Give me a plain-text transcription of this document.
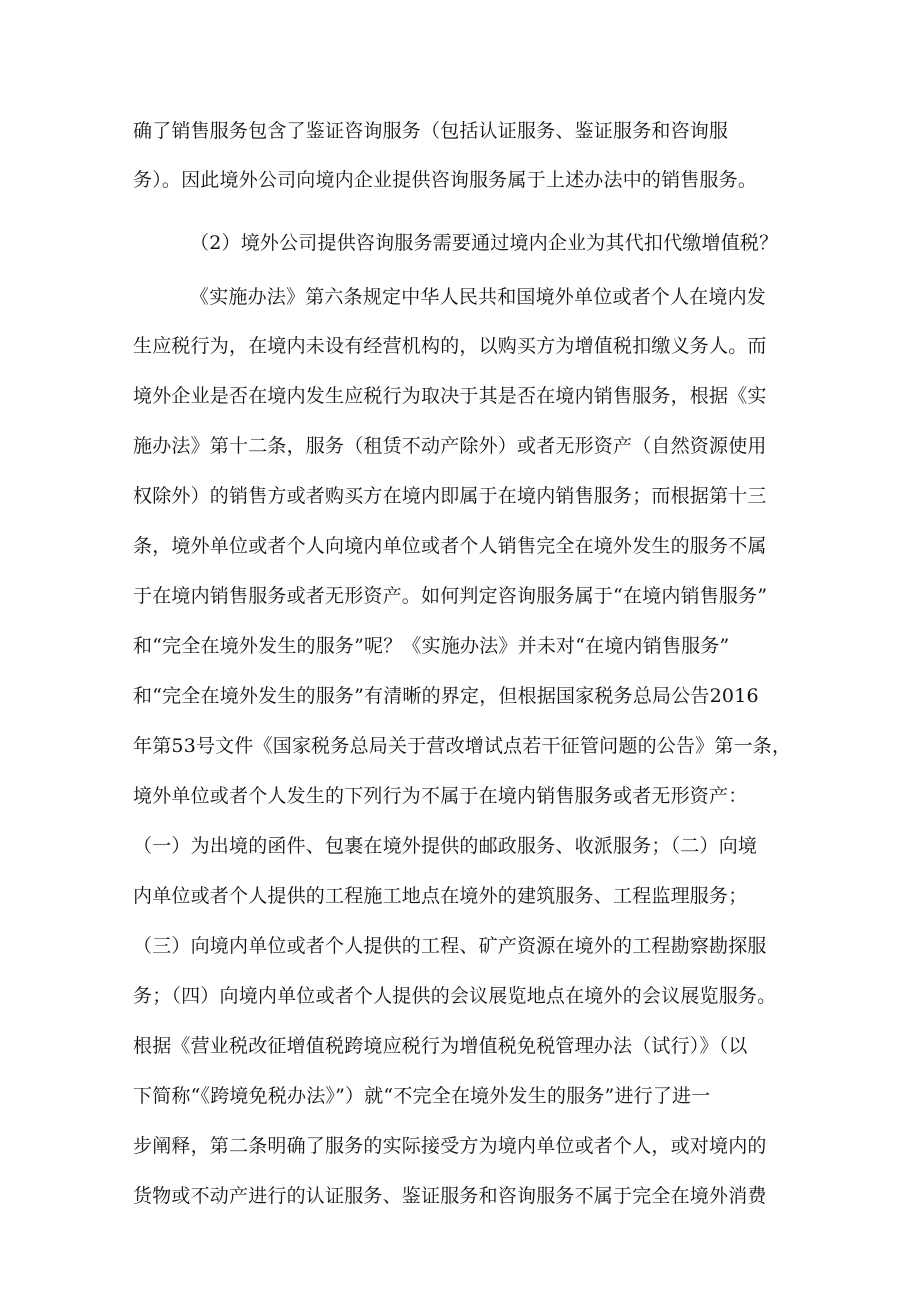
确了销售服务包含了鉴证咨询服务（包括认证服务、鉴证服务和咨询服
务）。因此境外公司向境内企业提供咨询服务属于上述办法中的销售服务。
（2）境外公司提供咨询服务需要通过境内企业为其代扣代缴增值税？
《实施办法》第六条规定中华人民共和国境外单位或者个人在境内发
生应税行为，在境内未设有经营机构的，以购买方为增值税扣缴义务人。而
境外企业是否在境内发生应税行为取决于其是否在境内销售服务，根据《实
施办法》第十二条，服务（租赁不动产除外）或者无形资产（自然资源使用
权除外）的销售方或者购买方在境内即属于在境内销售服务；而根据第十三
条，境外单位或者个人向境内单位或者个人销售完全在境外发生的服务不属
于在境内销售服务或者无形资产。如何判定咨询服务属于“在境内销售服务”
和“完全在境外发生的服务”呢？《实施办法》并未对“在境内销售服务”
和“完全在境外发生的服务”有清晰的界定，但根据国家税务总局公告2016
年第53号文件《国家税务总局关于营改增试点若干征管问题的公告》第一条，
境外单位或者个人发生的下列行为不属于在境内销售服务或者无形资产：
（一）为出境的函件、包裹在境外提供的邮政服务、收派服务；（二）向境
内单位或者个人提供的工程施工地点在境外的建筑服务、工程监理服务；
（三）向境内单位或者个人提供的工程、矿产资源在境外的工程勘察勘探服
务；（四）向境内单位或者个人提供的会议展览地点在境外的会议展览服务。
根据《营业税改征增值税跨境应税行为增值税免税管理办法（试行）》（以
下简称“《跨境免税办法》”）就“不完全在境外发生的服务”进行了进一
步阐释，第二条明确了服务的实际接受方为境内单位或者个人，或对境内的
货物或不动产进行的认证服务、鉴证服务和咨询服务不属于完全在境外消费
